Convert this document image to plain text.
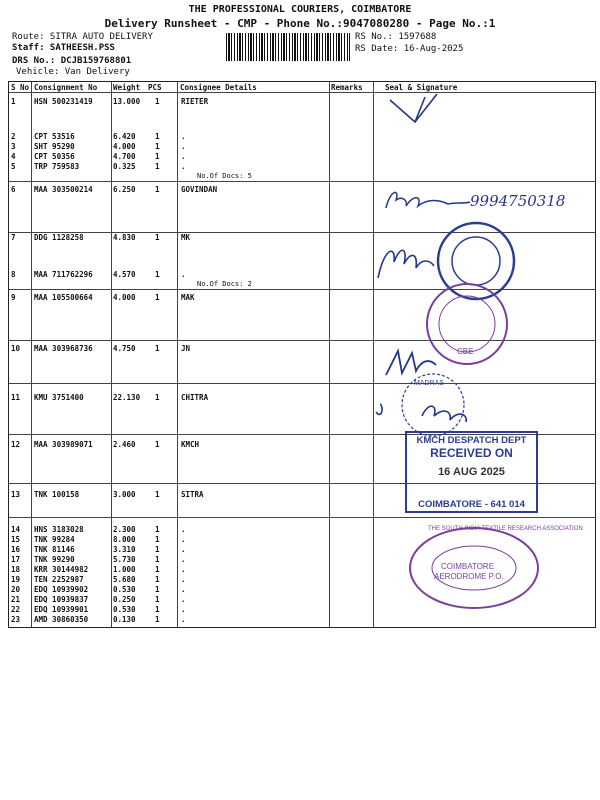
THE PROFESSIONAL COURIERS, COIMBATORE
Delivery Runsheet - CMP - Phone No.:9047080280 - Page No.:1
Route: SITRA AUTO DELIVERY
Staff: SATHEESH.PSS
DRS No.: DCJB159768801
Vehicle: Van Delivery
RS No.: 1597688
RS Date: 16-Aug-2025
S No Consignment No Weight PCS Consignee Details	Remarks	Seal & Signature
1 HSN 500231419	13.000 1	RIETER
2 CPT 53516	6.420	1	.
3 SHT 95290	4.000	1	.
4 CPT 50356	4.700	1	.
5 TRP 759583	0.325	1	.
6 MAA 303500214	6.250	1	GOVINDAN
7 DDG 1128258	4.830	1	MK
8 MAA 711762296	4.570	1	.
9 MAA 105500664	4.000	1	MAK
10 MAA 303968736	4.750	1	JN
11 KMU 3751400	22.130 1	CHITRA
12 MAA 303989071	2.460	1	KMCH
13 TNK 100158	3.000	1	SITRA
14 HNS 3183028	2.300	1	.
15 TNK 99284	8.000	1	.
16 TNK 81146	3.310	1	.
17 TNK 99290	5.730	1	.
18 KRR 30144982	1.000	1	.
19 TEN 2252987	5.680	1	.
20 EDQ 10939902	0.530	1	.
21 EDQ 10939837	0.250	1	.
22 EDQ 10939901	0.530	1	.
23 AMD 30860350	0.130	1	.
No.Of Docs: 5
No.Of Docs: 2
9994750318
CBE
MADRAS
KMCH DESPATCH DEPT
RECEIVED ON
16 AUG 2025
COIMBATORE - 641 014
THE SOUTH INDIA TEXTILE RESEARCH ASSOCIATION
COIMBATORE
AERODROME P.O.
